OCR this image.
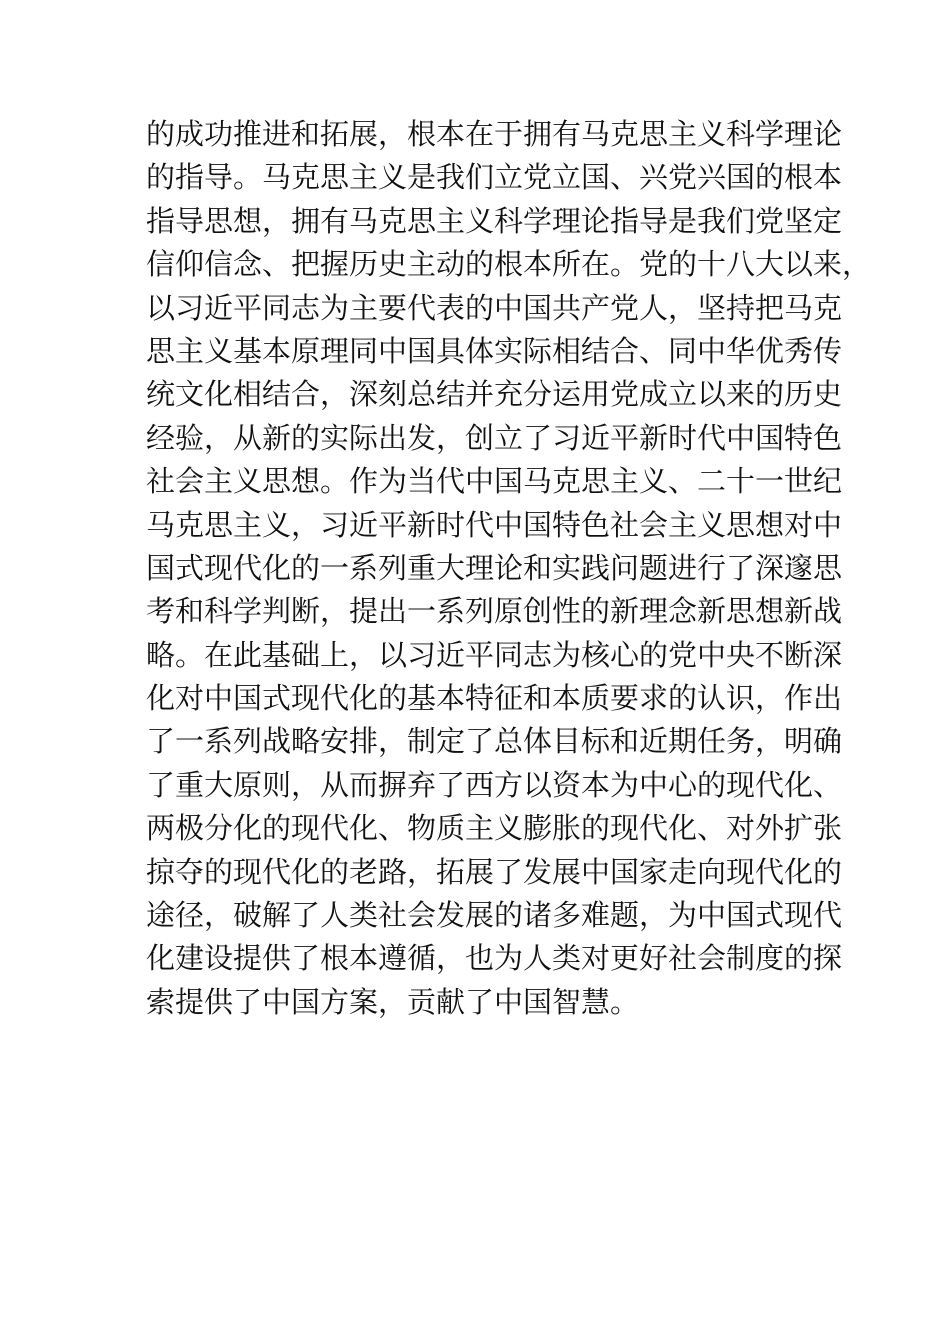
的成功推进和拓展，根本在于拥有马克思主义科学理论
的指导。马克思主义是我们立党立国、兴党兴国的根本
指导思想，拥有马克思主义科学理论指导是我们党坚定
信仰信念、把握历史主动的根本所在。党的十八大以来，
以习近平同志为主要代表的中国共产党人，坚持把马克
思主义基本原理同中国具体实际相结合、同中华优秀传
统文化相结合，深刻总结并充分运用党成立以来的历史
经验，从新的实际出发，创立了习近平新时代中国特色
社会主义思想。作为当代中国马克思主义、二十一世纪
马克思主义，习近平新时代中国特色社会主义思想对中
国式现代化的一系列重大理论和实践问题进行了深邃思
考和科学判断，提出一系列原创性的新理念新思想新战
略。在此基础上，以习近平同志为核心的党中央不断深
化对中国式现代化的基本特征和本质要求的认识，作出
了一系列战略安排，制定了总体目标和近期任务，明确
了重大原则，从而摒弃了西方以资本为中心的现代化、
两极分化的现代化、物质主义膨胀的现代化、对外扩张
掠夺的现代化的老路，拓展了发展中国家走向现代化的
途径，破解了人类社会发展的诸多难题，为中国式现代
化建设提供了根本遵循，也为人类对更好社会制度的探
索提供了中国方案，贡献了中国智慧。
